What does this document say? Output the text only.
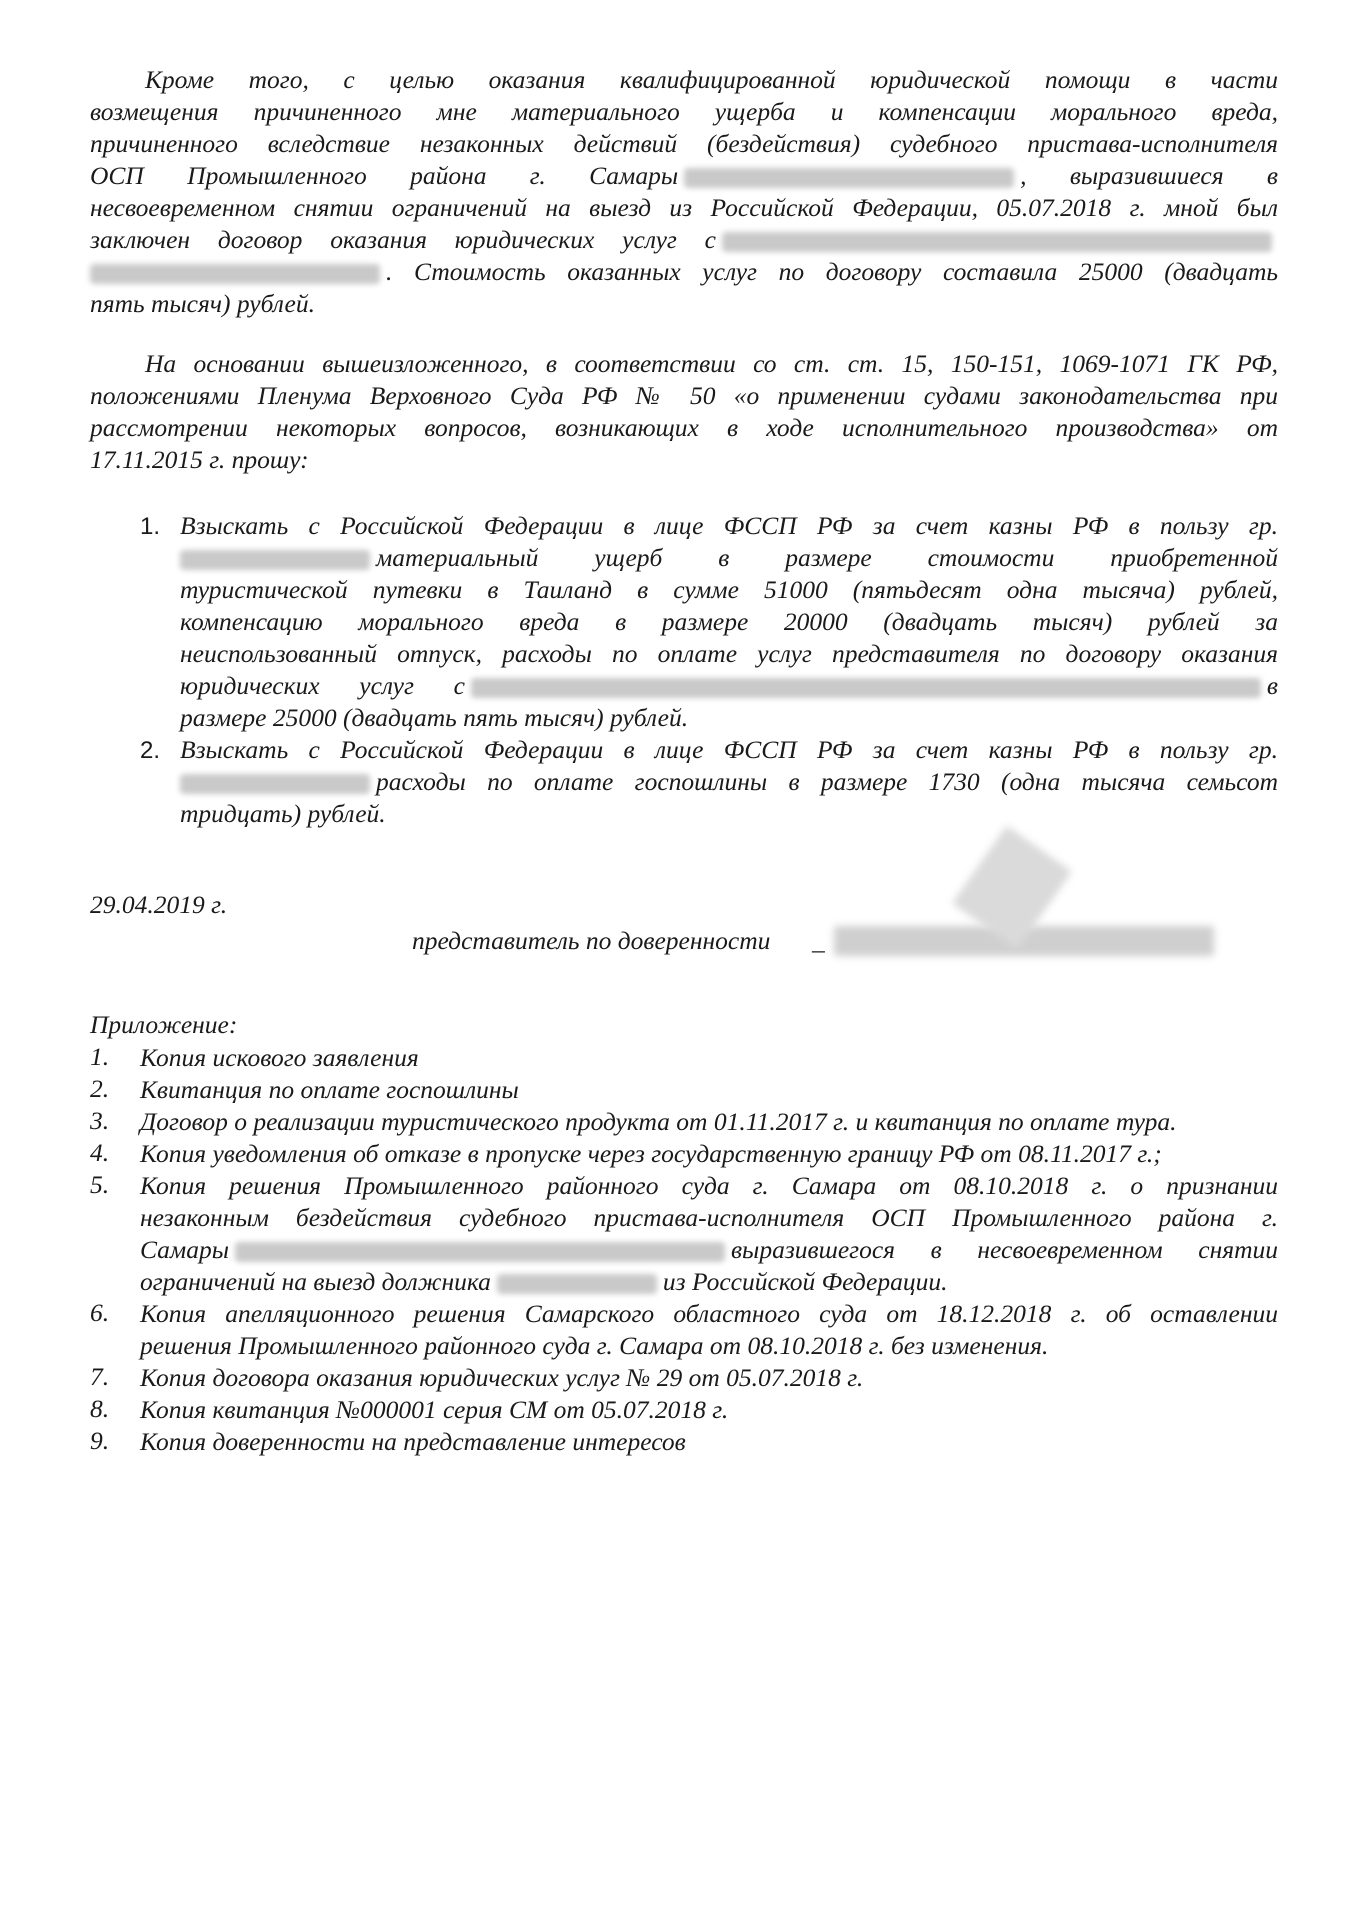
Кроме того, с целью оказания квалифицированной юридической помощи в части
возмещения причиненного мне материального ущерба и компенсации морального вреда,
причиненного вследствие незаконных действий (бездействия) судебного пристава-исполнителя
ОСП Промышленного района г. Самары	, выразившиеся в
несвоевременном снятии ограничений на выезд из Российской Федерации, 05.07.2018 г. мной был
заключен договор оказания юридических услуг с
. Стоимость оказанных услуг по договору составила 25000 (двадцать
пять тысяч) рублей.
На основании вышеизложенного, в соответствии со ст. ст. 15, 150-151, 1069-1071 ГК РФ,
положениями Пленума Верховного Суда РФ № 50 «о применении судами законодательства при
рассмотрении некоторых вопросов, возникающих в ходе исполнительного производства» от
17.11.2015 г. прошу:
1. Взыскать с Российской Федерации в лице ФССП РФ за счет казны РФ в пользу гр.
материальный ущерб в размере стоимости приобретенной
туристической путевки в Таиланд в сумме 51000 (пятьдесят одна тысяча) рублей,
компенсацию морального вреда в размере 20000 (двадцать тысяч) рублей за
неиспользованный отпуск, расходы по оплате услуг представителя по договору оказания
юридических услуг с	в
размере 25000 (двадцать пять тысяч) рублей.
2. Взыскать с Российской Федерации в лице ФССП РФ за счет казны РФ в пользу гр.
расходы по оплате госпошлины в размере 1730 (одна тысяча семьсот
тридцать) рублей.
29.04.2019 г.
представитель по доверенности _
Приложение:
1. Копия искового заявления
2. Квитанция по оплате госпошлины
3. Договор о реализации туристического продукта от 01.11.2017 г. и квитанция по оплате тура.
4. Копия уведомления об отказе в пропуске через государственную границу РФ от 08.11.2017 г.;
5. Копия решения Промышленного районного суда г. Самара от 08.10.2018 г. о признании
незаконным бездействия судебного пристава-исполнителя ОСП Промышленного района г.
Самары	выразившегося в несвоевременном снятии
ограничений на выезд должника	из Российской Федерации.
6. Копия апелляционного решения Самарского областного суда от 18.12.2018 г. об оставлении
решения Промышленного районного суда г. Самара от 08.10.2018 г. без изменения.
7. Копия договора оказания юридических услуг № 29 от 05.07.2018 г.
8. Копия квитанция №000001 серия СМ от 05.07.2018 г.
9. Копия доверенности на представление интересов
